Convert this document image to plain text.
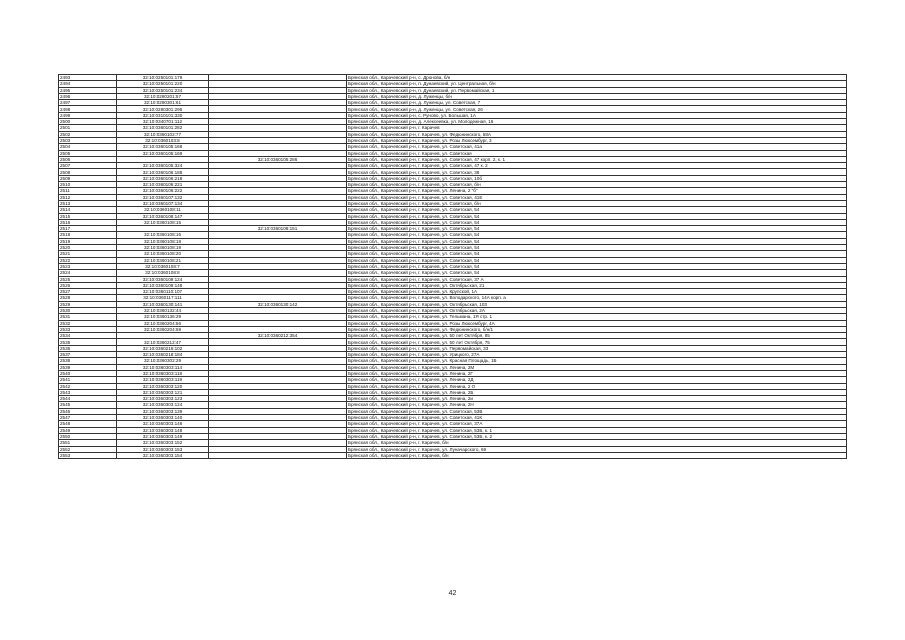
2493	32:10:0250101:179		Брянская обл., Карачевский р-н, с. Дронова, б/н
2494	32:10:0250101:220		Брянская обл., Карачевский р-н, п. Дунаевский, ул. Центральная, б/н
2495	32:10:0250101:234		Брянская обл., Карачевский р-н, п. Дунаевский, ул. Первомайская, 1
2496	32:10:0280201:57		Брянская обл., Карачевский р-н, д. Луженцы, б/н
2497	32:10:0280301:61		Брянская обл., Карачевский р-н, д. Луженцы, ул. Советская, 7
2498	32:10:0280301:295		Брянская обл., Карачевский р-н, д. Луженцы, ул. Советская, 26
2499	32:10:0310101:330		Брянская обл., Карачевский р-н, с. Руново, ул. Большая, 1А
2500	32:10:0340701:112		Брянская обл., Карачевский р-н, д. Алексеевка, ул. Молодежная, 16
2501	32:10:0360101:282		Брянская обл., Карачевский р-н, г. Карачев
2502	32:10:0360102:77		Брянская обл., Карачевский р-н, г. Карачев, ул. Федюнинского, 58А
2503	32:10:0360103:8		Брянская обл., Карачевский р-н, г. Карачев, ул. Розы Люксембург, 3
2504	32:10:0360105:168		Брянская обл., Карачевский р-н, г. Карачев, ул. Советская, 41а
2505	32:10:0360105:169		Брянская обл., Карачевский р-н, г. Карачев, ул. Советская
2506		32:10:0360105:286	Брянская обл., Карачевский р-н, г. Карачев, ул. Советская, 47 корп. 2, к. 1
2507	32:10:0360105:324		Брянская обл., Карачевский р-н, г. Карачев, ул. Советская, 47 к. 2
2508	32:10:0360106:188		Брянская обл., Карачевский р-н, г. Карачев, ул. Советская, 38
2509	32:10:0360106:218		Брянская обл., Карачевский р-н, г. Карачев, ул. Советская, 10б
2510	32:10:0360106:221		Брянская обл., Карачевский р-н, г. Карачев, ул. Советская, б/н
2511	32:10:0360106:222		Брянская обл., Карачевский р-н, г. Карачев, ул. Ленина, 2 "б"
2512	32:10:0360107:132		Брянская обл., Карачевский р-н, г. Карачев, ул. Советская, 41Е
2513	32:10:0360107:134		Брянская обл., Карачевский р-н, г. Карачев, ул. Советская, б/н
2514	32:10:0360108:11		Брянская обл., Карачевский р-н, г. Карачев, ул. Советская, 54
2515	32:10:0360108:147		Брянская обл., Карачевский р-н, г. Карачев, ул. Советская, 54
2516	32:10:0360108:15		Брянская обл., Карачевский р-н, г. Карачев, ул. Советская, 54
2517		32:10:0360108:151	Брянская обл., Карачевский р-н, г. Карачев, ул. Советская, 54
2518	32:10:0360108:16		Брянская обл., Карачевский р-н, г. Карачев, ул. Советская, 54
2519	32:10:0360108:18		Брянская обл., Карачевский р-н, г. Карачев, ул. Советская, 54
2520	32:10:0360108:19		Брянская обл., Карачевский р-н, г. Карачев, ул. Советская, 54
2521	32:10:0360108:20		Брянская обл., Карачевский р-н, г. Карачев, ул. Советская, 54
2522	32:10:0360108:21		Брянская обл., Карачевский р-н, г. Карачев, ул. Советская, 54
2523	32:10:0360108:7		Брянская обл., Карачевский р-н, г. Карачев, ул. Советская, 54
2524	32:10:0360108:8		Брянская обл., Карачевский р-н, г. Карачев, ул. Советская, 54
2525	32:10:0360109:124		Брянская обл., Карачевский р-н, г. Карачев, ул. Советская, 37 А
2526	32:10:0360109:148		Брянская обл., Карачевский р-н, г. Карачев, ул. Октябрьская, 21
2527	32:10:0360110:107		Брянская обл., Карачевский р-н, г. Карачев, ул. Крупской, 1А
2528	32:10:0360117:111		Брянская обл., Карачевский р-н, г. Карачев, ул. Володарского, 14А корп. а
2529	32:10:0360130:141	32:10:0360130:142	Брянская обл., Карачевский р-н, г. Карачев, ул. Октябрьская, 103
2530	32:10:0360132:44		Брянская обл., Карачевский р-н, г. Карачев, ул. Октябрьская, 2А
2531	32:10:0360136:29		Брянская обл., Карачевский р-н, г. Карачев, ул. Тельмана, 1Я стр. 1
2532	32:10:0360204:56		Брянская обл., Карачевский р-н, г. Карачев, ул. Розы Люксембург, 4А
2533	32:10:0360204:59		Брянская обл., Карачевский р-н, г. Карачев, ул. Федюнинского, б/н/1
2534		32:10:0360212:354	Брянская обл., Карачевский р-н, г. Карачев, ул. 50 лет Октября, 85
2535	32:10:0360212:47		Брянская обл., Карачевский р-н, г. Карачев, ул. 50 лет Октября, 75
2536	32:10:0360216:102		Брянская обл., Карачевский р-н, г. Карачев, ул. Первомайская, 33
2537	32:10:0360218:184		Брянская обл., Карачевский р-н, г. Карачев, ул. Урицкого, 27А
2538	32:10:0360302:29		Брянская обл., Карачевский р-н, г. Карачев, ул. Красная Площадь, 1Б
2539	32:10:0360303:114		Брянская обл., Карачевский р-н, г. Карачев, ул. Ленина, 2М
2540	32:10:0360303:118		Брянская обл., Карачевский р-н, г. Карачев, ул. Ленина, 2Г
2541	32:10:0360303:119		Брянская обл., Карачевский р-н, г. Карачев, ул. Ленина, 2Д
2542	32:10:0360303:120		Брянская обл., Карачевский р-н, г. Карачев, ул. Ленина, 2 О
2543	32:10:0360303:121		Брянская обл., Карачевский р-н, г. Карачев, ул. Ленина, 2Б
2544	32:10:0360303:123		Брянская обл., Карачевский р-н, г. Карачев, ул. Ленина, 2и
2545	32:10:0360303:124		Брянская обл., Карачевский р-н, г. Карачев, ул. Ленина, 2Н
2546	32:10:0360303:139		Брянская обл., Карачевский р-н, г. Карачев, ул. Советская, 53В
2547	32:10:0360303:140		Брянская обл., Карачевский р-н, г. Карачев, ул. Советская, 41К
2548	32:10:0360303:146		Брянская обл., Карачевский р-н, г. Карачев, ул. Советская, 37А
2549	32:10:0360303:148		Брянская обл., Карачевский р-н, г. Карачев, ул. Советская, 53Б, к. 1
2550	32:10:0360303:149		Брянская обл., Карачевский р-н, г. Карачев, ул. Советская, 53Б, к. 2
2551	32:10:0360303:152		Брянская обл., Карачевский р-н, г. Карачев, б/н
2552	32:10:0360303:153		Брянская обл., Карачевский р-н, г. Карачев, ул. Луначарского, 69
2553	32:10:0360303:154		Брянская обл., Карачевский р-н, г. Карачев, б/н
42
